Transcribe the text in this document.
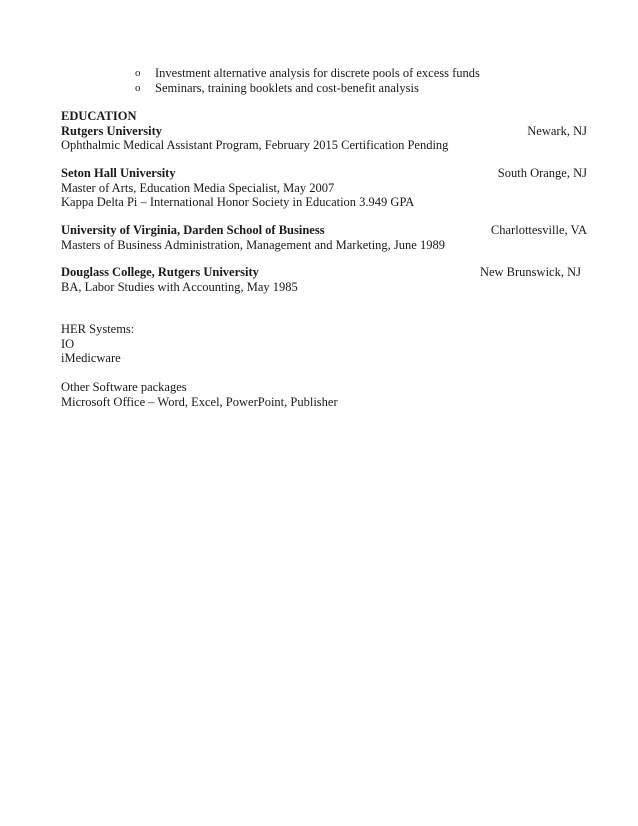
o	Investment alternative analysis for discrete pools of excess funds
o	Seminars, training booklets and cost-benefit analysis
EDUCATION
Rutgers University	Newark, NJ
Ophthalmic Medical Assistant Program, February 2015 Certification Pending
Seton Hall University	South Orange, NJ
Master of Arts, Education Media Specialist, May 2007
Kappa Delta Pi – International Honor Society in Education 3.949 GPA
University of Virginia, Darden School of Business	Charlottesville, VA
Masters of Business Administration, Management and Marketing, June 1989
Douglass College, Rutgers University	New Brunswick, NJ
BA, Labor Studies with Accounting, May 1985
HER Systems:
IO
iMedicware
Other Software packages
Microsoft Office – Word, Excel, PowerPoint, Publisher
